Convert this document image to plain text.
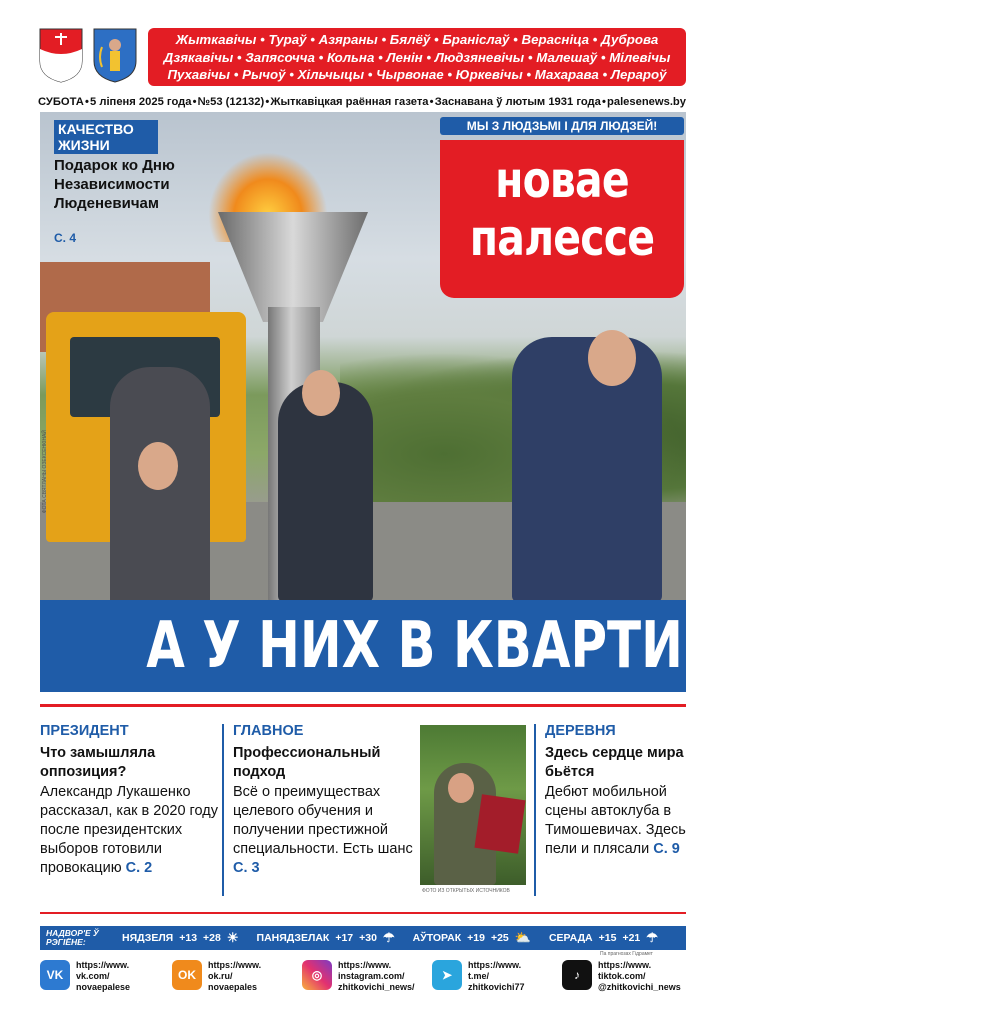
Жыткавічы • Тураў • Азяраны • Бялёў • Браніслаў • Верасніца • Дуброва
Дзякавічы • Запясочча • Кольна • Ленін • Людзяневічы • Малешаў • Мілевічы
Пухавічы • Рычоў • Хільчыцы • Чырвонае • Юркевічы • Махарава • Лерароў
СУБОТА • 5 ліпеня 2025 года • №53 (12132) • Жыткавіцкая раённая газета • Заснавана ў лютым 1931 года • palesenews.by
ФОТА СВЯТЛАНЫ ОЗЕКСЕНКІНАЙ
КАЧЕСТВО
ЖИЗНИ
Подарок ко Дню Независимости Люденевичам
С. 4
МЫ З ЛЮДЗЬМІ І ДЛЯ ЛЮДЗЕЙ!
новае
палессе
А У НИХ В КВАРТИРЕ ГАЗ!
ПРЕЗИДЕНТ
Что замышляла оппозиция?
Александр Лукашенко рассказал, как в 2020 году после президентских выборов готовили провокацию С. 2
ГЛАВНОЕ
Профессиональный подход
Всё о преимуществах целевого обучения и получении престижной специальности. Есть шанс С. 3
ФОТО ИЗ ОТКРЫТЫХ ИСТОЧНИКОВ
ДЕРЕВНЯ
Здесь сердце мира бьётся
Дебют мобильной сцены автоклуба в Тимошевичах. Здесь пели и плясали С. 9
НАДВОР'Е Ў РЭГІЁНЕ:	НЯДЗЕЛЯ +13 +28 ☀ ПАНЯДЗЕЛАК +17 +30 ☂ АЎТОРАК +19 +25 ⛅ СЕРАДА +15 +21 ☂
Па прагнозах Гідрамет
VK
https://www.
vk.com/
novaepalese
OK
https://www.
ok.ru/
novaepales
◎
https://www.
instagram.com/
zhitkovichi_news/
➤
https://www.
t.me/
zhitkovichi77
♪
https://www.
tiktok.com/
@zhitkovichi_news
